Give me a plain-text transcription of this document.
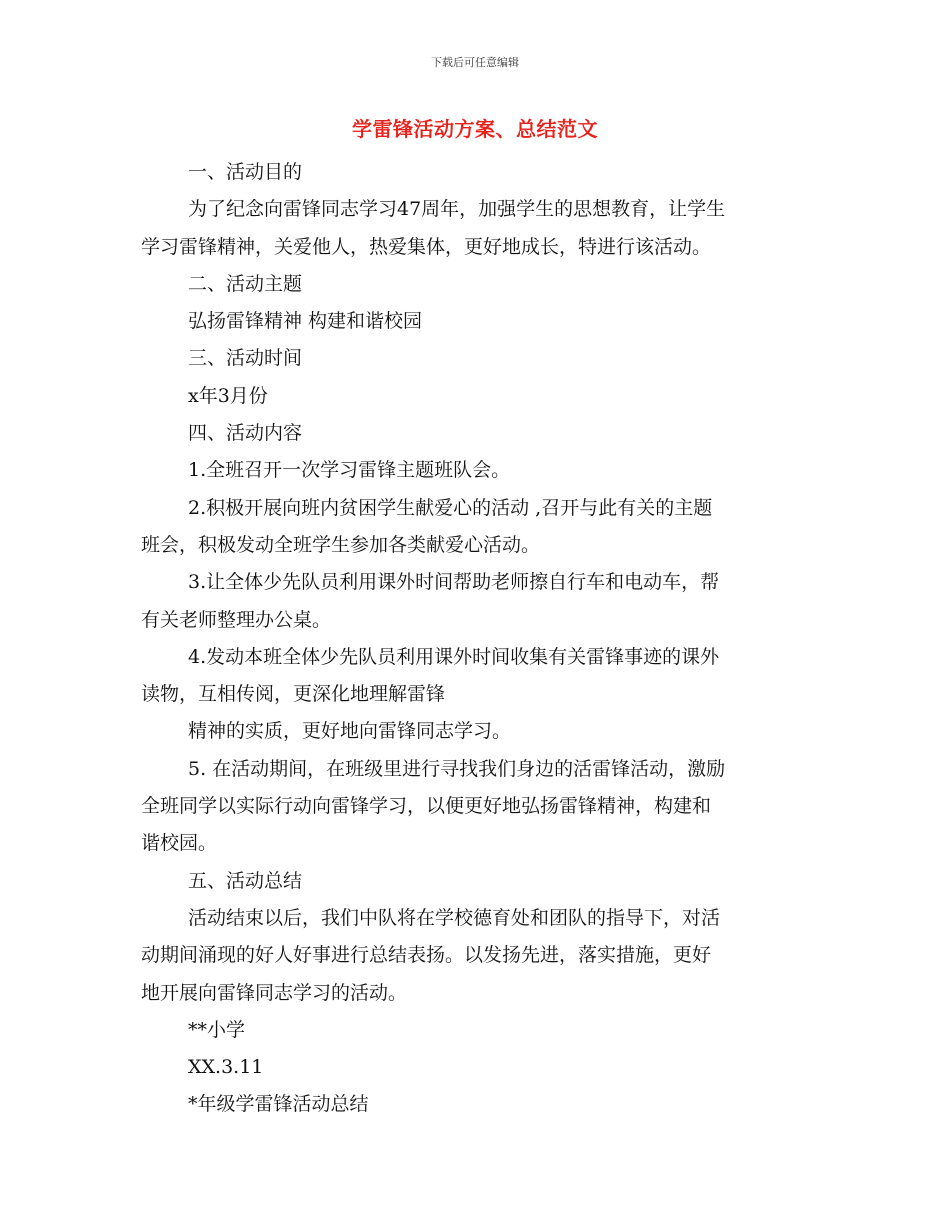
下载后可任意编辑
学雷锋活动方案、总结范文
一、活动目的
为了纪念向雷锋同志学习47周年，加强学生的思想教育，让学生
学习雷锋精神，关爱他人，热爱集体，更好地成长，特进行该活动。
二、活动主题
弘扬雷锋精神 构建和谐校园
三、活动时间
x年3月份
四、活动内容
1.全班召开一次学习雷锋主题班队会。
2.积极开展向班内贫困学生献爱心的活动 ,召开与此有关的主题
班会，积极发动全班学生参加各类献爱心活动。
3.让全体少先队员利用课外时间帮助老师擦自行车和电动车，帮
有关老师整理办公桌。
4.发动本班全体少先队员利用课外时间收集有关雷锋事迹的课外
读物，互相传阅，更深化地理解雷锋
精神的实质，更好地向雷锋同志学习。
5. 在活动期间，在班级里进行寻找我们身边的活雷锋活动，激励
全班同学以实际行动向雷锋学习，以便更好地弘扬雷锋精神，构建和
谐校园。
五、活动总结
活动结束以后，我们中队将在学校德育处和团队的指导下，对活
动期间涌现的好人好事进行总结表扬。以发扬先进，落实措施，更好
地开展向雷锋同志学习的活动。
**小学
XX.3.11
*年级学雷锋活动总结
